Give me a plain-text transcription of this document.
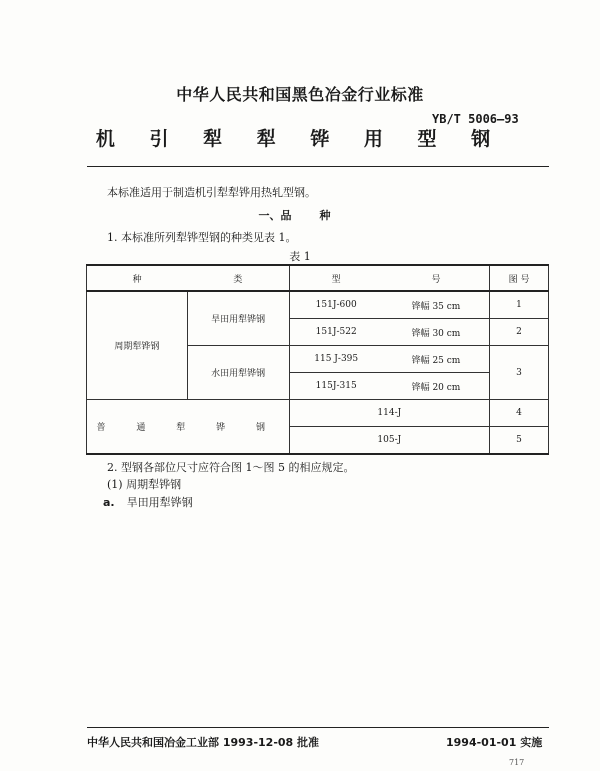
中华人民共和国黑色冶金行业标准
YB/T 5006—93
机 引 犁 犁 铧 用 型 钢
本标准适用于制造机引犁犁铧用热轧型钢。
一、品	种
1. 本标准所列犁铧型钢的种类见表 1。
表 1
种	类	型	号	图 号
周期犁铧钢	旱田用犁铧钢	151J-600	铧幅 35 cm	1
		151J-522	铧幅 30 cm	2
	水田用犁铧钢	115 J-395	铧幅 25 cm	3
		115J-315	铧幅 20 cm	
普 通 犁 铧 钢		114-J		4
		105-J		5
2. 型钢各部位尺寸应符合图 1～图 5 的相应规定。
(1) 周期犁铧钢
a. 旱田用犁铧钢
中华人民共和国冶金工业部 1993-12-08 批准	1994-01-01 实施
717
